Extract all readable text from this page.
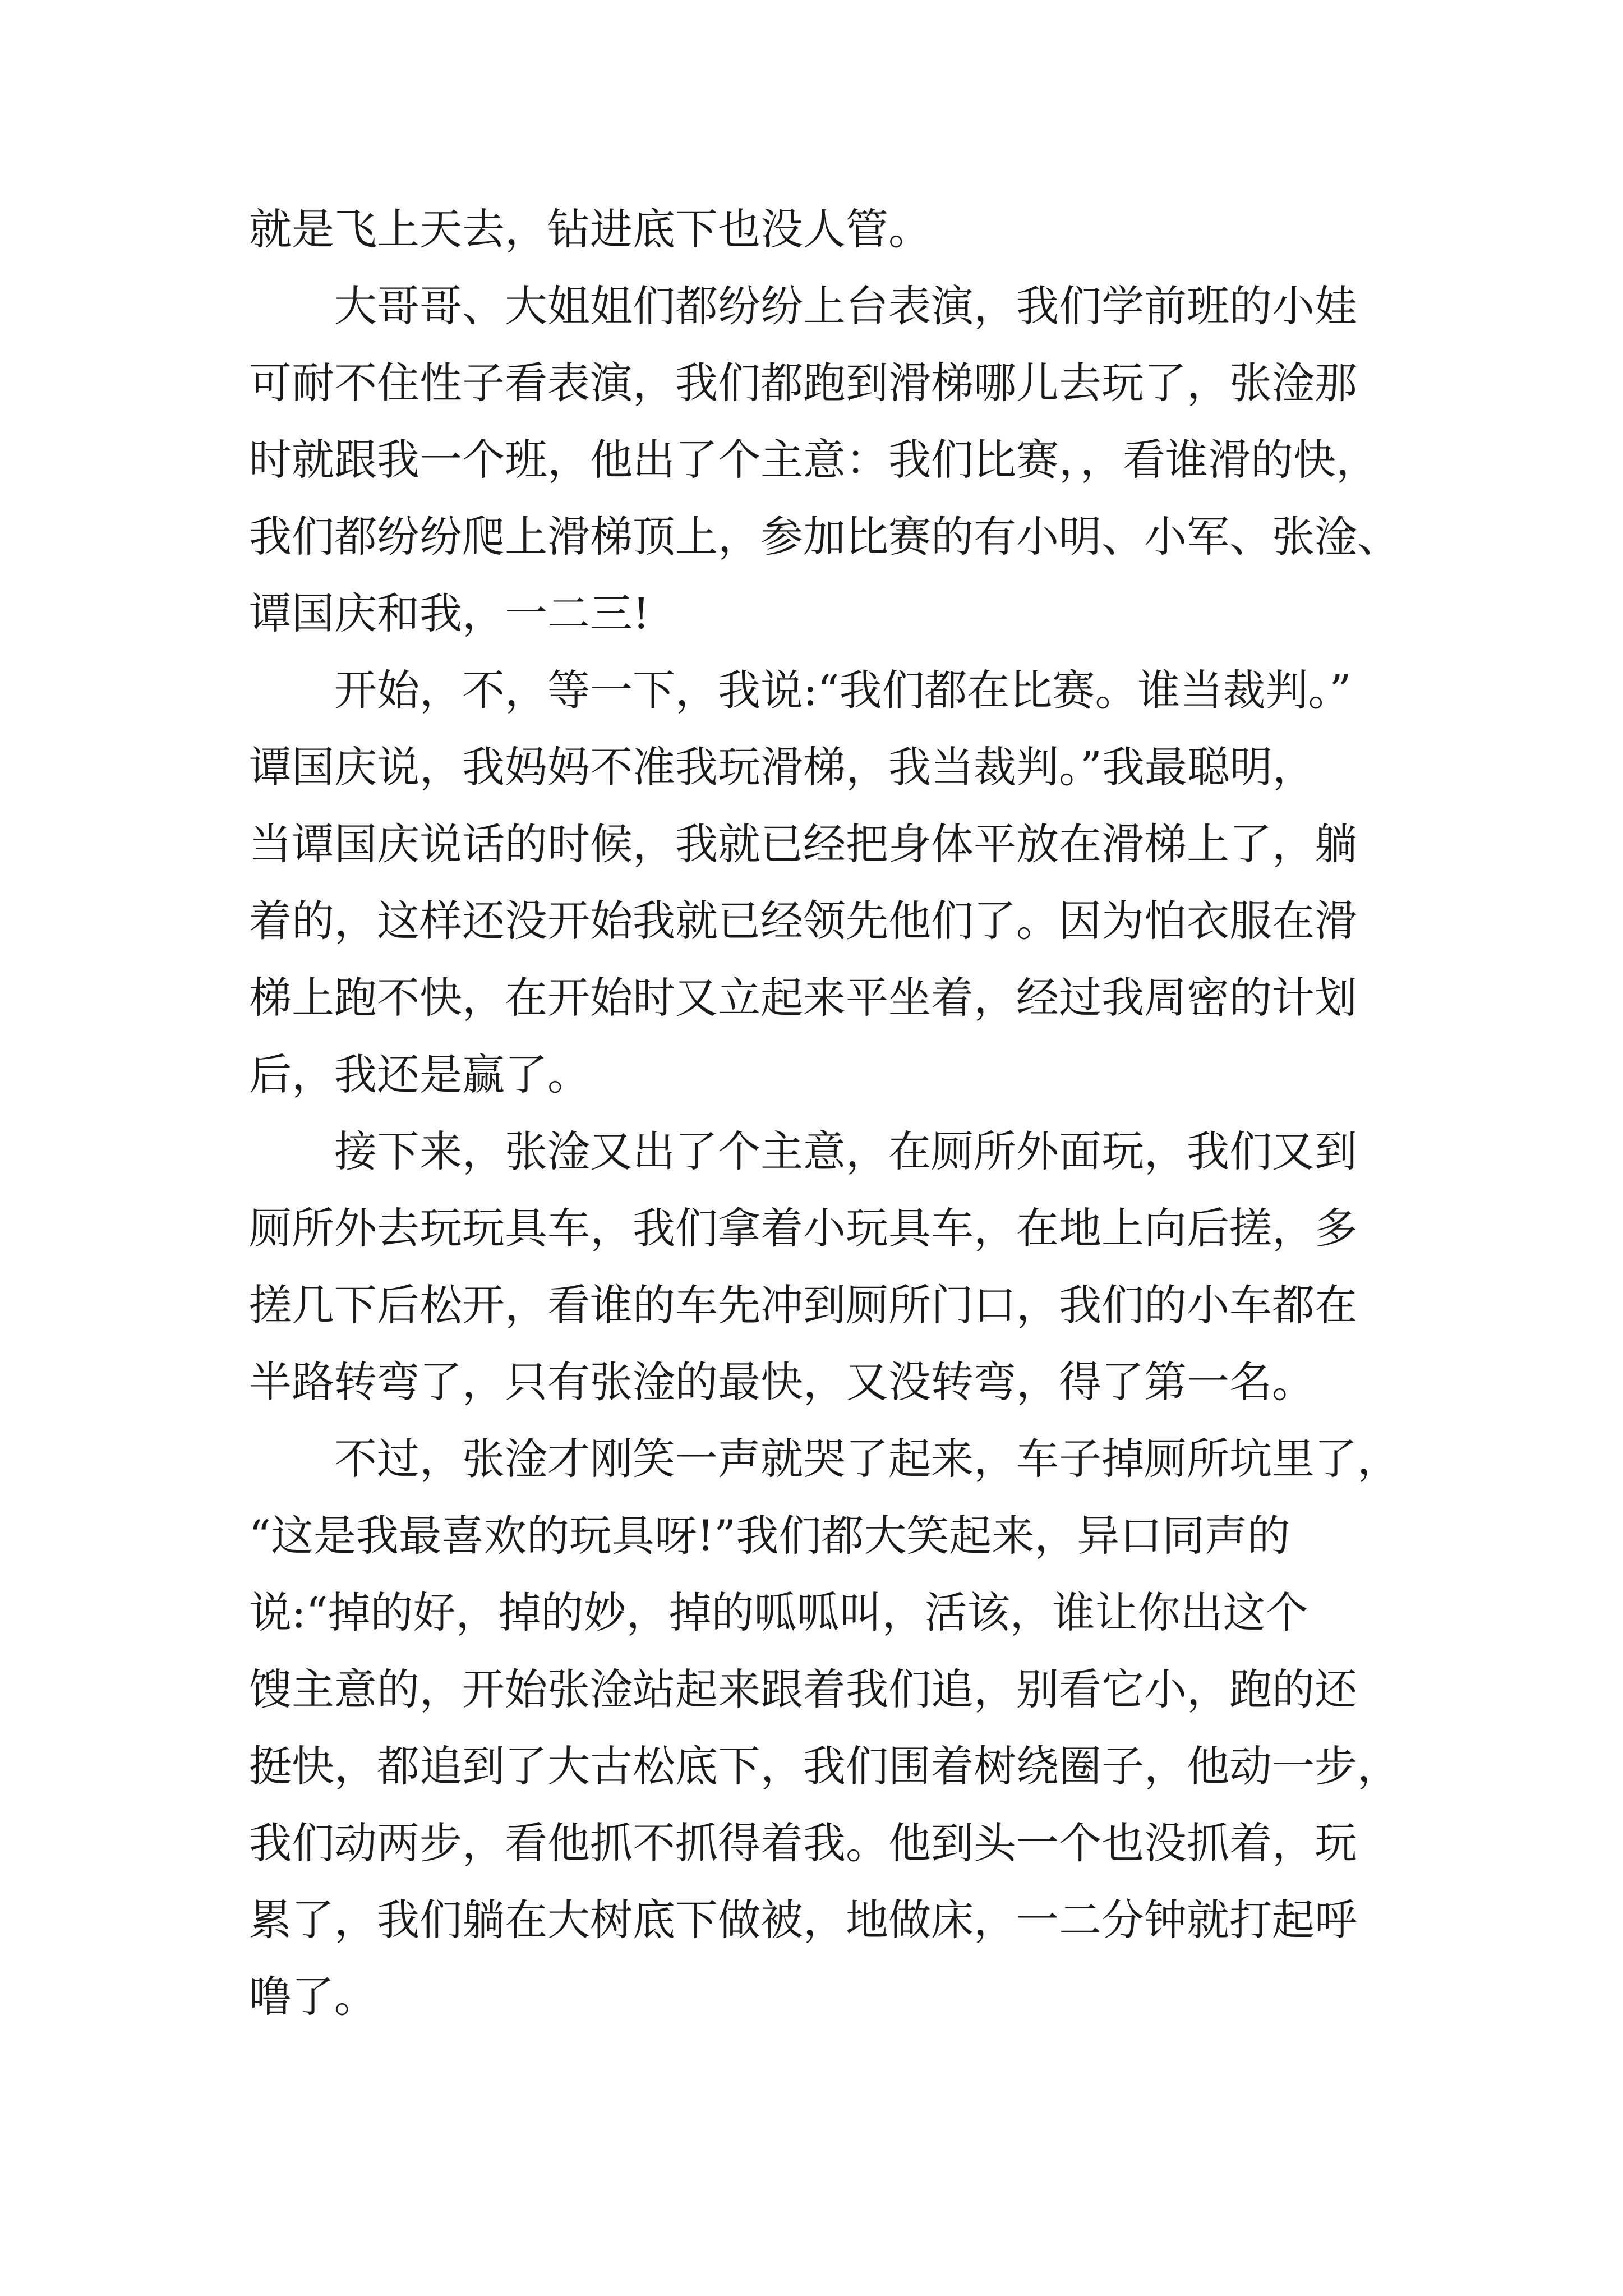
就是飞上天去，钻进底下也没人管。
大哥哥、大姐姐们都纷纷上台表演，我们学前班的小娃
可耐不住性子看表演，我们都跑到滑梯哪儿去玩了，张淦那
时就跟我一个班，他出了个主意：我们比赛，，看谁滑的快，
我们都纷纷爬上滑梯顶上，参加比赛的有小明、小军、张淦、
谭国庆和我，一二三!
开始，不，等一下，我说:“我们都在比赛。谁当裁判。”
谭国庆说，我妈妈不准我玩滑梯，我当裁判。”我最聪明，
当谭国庆说话的时候，我就已经把身体平放在滑梯上了，躺
着的，这样还没开始我就已经领先他们了。因为怕衣服在滑
梯上跑不快，在开始时又立起来平坐着，经过我周密的计划
后，我还是赢了。
接下来，张淦又出了个主意，在厕所外面玩，我们又到
厕所外去玩玩具车，我们拿着小玩具车，在地上向后搓，多
搓几下后松开，看谁的车先冲到厕所门口，我们的小车都在
半路转弯了，只有张淦的最快，又没转弯，得了第一名。
不过，张淦才刚笑一声就哭了起来，车子掉厕所坑里了，
“这是我最喜欢的玩具呀!”我们都大笑起来，异口同声的
说:“掉的好，掉的妙，掉的呱呱叫，活该，谁让你出这个
馊主意的，开始张淦站起来跟着我们追，别看它小，跑的还
挺快，都追到了大古松底下，我们围着树绕圈子，他动一步，
我们动两步，看他抓不抓得着我。他到头一个也没抓着，玩
累了，我们躺在大树底下做被，地做床，一二分钟就打起呼
噜了。
